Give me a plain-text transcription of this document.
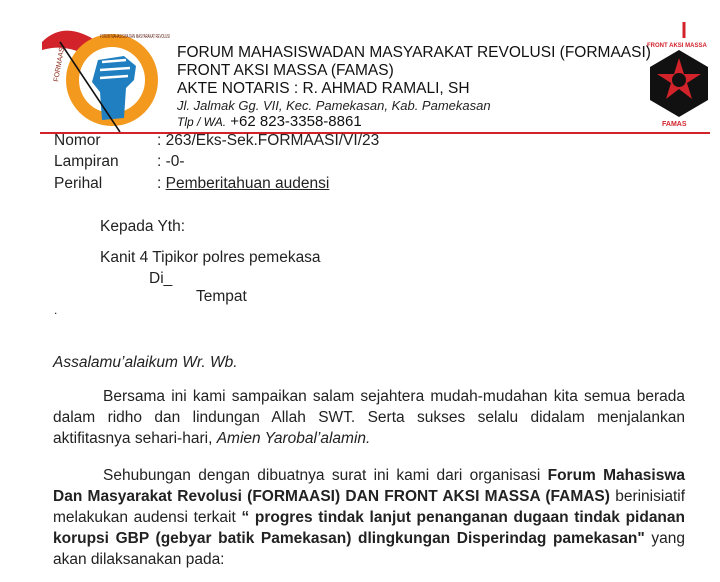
FORMAASI
FORUM MAHASISWA DAN MASYARAKAT REVOLUSI
FRONT AKSI MASSA
FAMAS
FORUM MAHASISWADAN MASYARAKAT REVOLUSI (FORMAASI)
FRONT AKSI MASSA (FAMAS)
AKTE NOTARIS : R. AHMAD RAMALI, SH
Jl. Jalmak Gg. VII, Kec. Pamekasan, Kab. Pamekasan
Tlp / WA. +62 823-3358-8861
Nomor	: 263/Eks-Sek.FORMAASI/VI/23
Lampiran : -0-
Perihal	: Pemberitahuan audensi
Kepada Yth:
Kanit 4 Tipikor polres pemekasa
Di_
Tempat
.
Assalamu’alaikum Wr. Wb.
Bersama ini kami sampaikan salam sejahtera mudah-mudahan kita semua berada dalam ridho dan lindungan Allah SWT. Serta sukses selalu didalam menjalankan aktifitasnya sehari-hari, Amien Yarobal’alamin.
Sehubungan dengan dibuatnya surat ini kami dari organisasi Forum Mahasiswa Dan Masyarakat Revolusi (FORMAASI) DAN FRONT AKSI MASSA (FAMAS) berinisiatif melakukan audensi terkait “ progres tindak lanjut penanganan dugaan tindak pidanan korupsi GBP (gebyar batik Pamekasan) dlingkungan Disperindag pamekasan" yang akan dilaksanakan pada:
